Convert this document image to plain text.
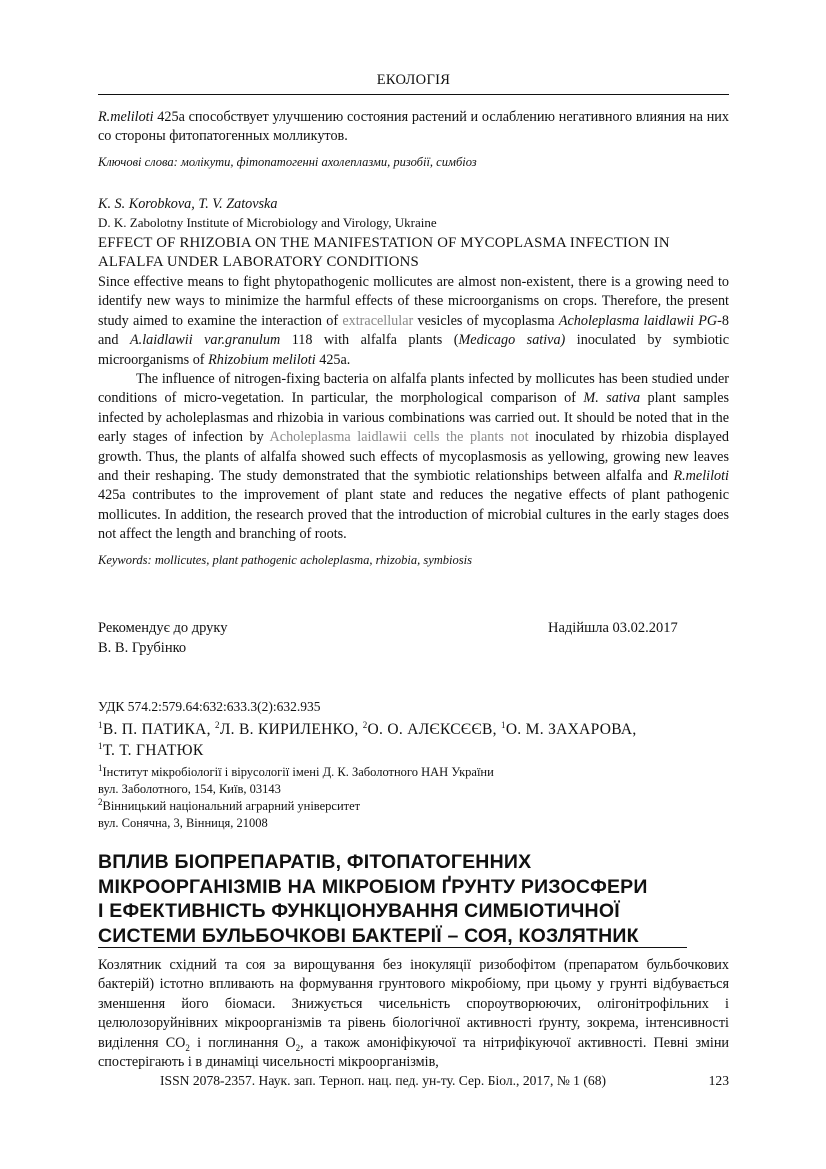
ЕКОЛОГІЯ

R.meliloti 425а способствует улучшению состояния растений и ослаблению негативного влияния на них со стороны фитопатогенных молликутов.

Ключові слова: молікути, фітопатогенні ахолеплазми, ризобії, симбіоз
K. S. Korobkova, T. V. Zatovska
D. K. Zabolotny Institute of Microbiology and Virology, Ukraine
EFFECT OF RHIZOBIA ON THE MANIFESTATION OF MYCOPLASMA INFECTION IN
ALFALFA UNDER LABORATORY CONDITIONS

Since effective means to fight phytopathogenic mollicutes are almost non-existent, there is a growing need to identify new ways to minimize the harmful effects of these microorganisms on crops. Therefore, the present study aimed to examine the interaction of extracellular vesicles of mycoplasma Acholeplasma laidlawii PG-8 and A.laidlawii var.granulum 118 with alfalfa plants (Medicago sativa) inoculated by symbiotic microorganisms of Rhizobium meliloti 425a.

The influence of nitrogen-fixing bacteria on alfalfa plants infected by mollicutes has been studied under conditions of micro-vegetation. In particular, the morphological comparison of M. sativa plant samples infected by acholeplasmas and rhizobia in various combinations was carried out. It should be noted that in the early stages of infection by Acholeplasma laidlawii cells the plants not inoculated by rhizobia displayed growth. Thus, the plants of alfalfa showed such effects of mycoplasmosis as yellowing, growing new leaves and their reshaping. The study demonstrated that the symbiotic relationships between alfalfa and R.meliloti 425a contributes to the improvement of plant state and reduces the negative effects of plant pathogenic mollicutes. In addition, the research proved that the introduction of microbial cultures in the early stages does not affect the length and branching of roots.

Keywords: mollicutes, plant pathogenic acholeplasma, rhizobia, symbiosis
Рекомендує до друку
В. В. Грубінко
Надійшла 03.02.2017
УДК 574.2:579.64:632:633.3(2):632.935
$^1$В. П. ПАТИКА, $^2$Л. В. КИРИЛЕНКО, $^2$О. О. АЛЄКСЄЄВ, $^1$О. М. ЗАХАРОВА,
$^1$Т. Т. ГНАТЮК
$^1$Інститут мікробіології і вірусології імені Д. К. Заболотного НАН України
вул. Заболотного, 154, Київ, 03143
$^2$Вінницький національний аграрний університет
вул. Сонячна, 3, Вінниця, 21008
ВПЛИВ БІОПРЕПАРАТІВ, ФІТОПАТОГЕННИХ
МІКРООРГАНІЗМІВ НА МІКРОБІОМ ҐРУНТУ РИЗОСФЕРИ
І ЕФЕКТИВНІСТЬ ФУНКЦІОНУВАННЯ СИМБІОТИЧНОЇ
СИСТЕМИ БУЛЬБОЧКОВІ БАКТЕРІЇ – СОЯ, КОЗЛЯТНИК

Козлятник східний та соя за вирощування без інокуляції ризобофітом (препаратом бульбочкових бактерій) істотно впливають на формування грунтового мікробіому, при цьому у грунті відбувається зменшення його біомаси. Знижується чисельність спороутворюючих, олігонітрофільних і целюлозоруйнівних мікроорганізмів та рівень біологічної активності ґрунту, зокрема, інтенсивності виділення $СО_2$ і поглинання $О_2$, а також амоніфікуючої та нітрифікуючої активності. Певні зміни спостерігають і в динаміці чисельності мікроорганізмів,

ISSN 2078-2357. Наук. зап. Терноп. нац. пед. ун-ту. Сер. Біол., 2017, № 1 (68)	123
